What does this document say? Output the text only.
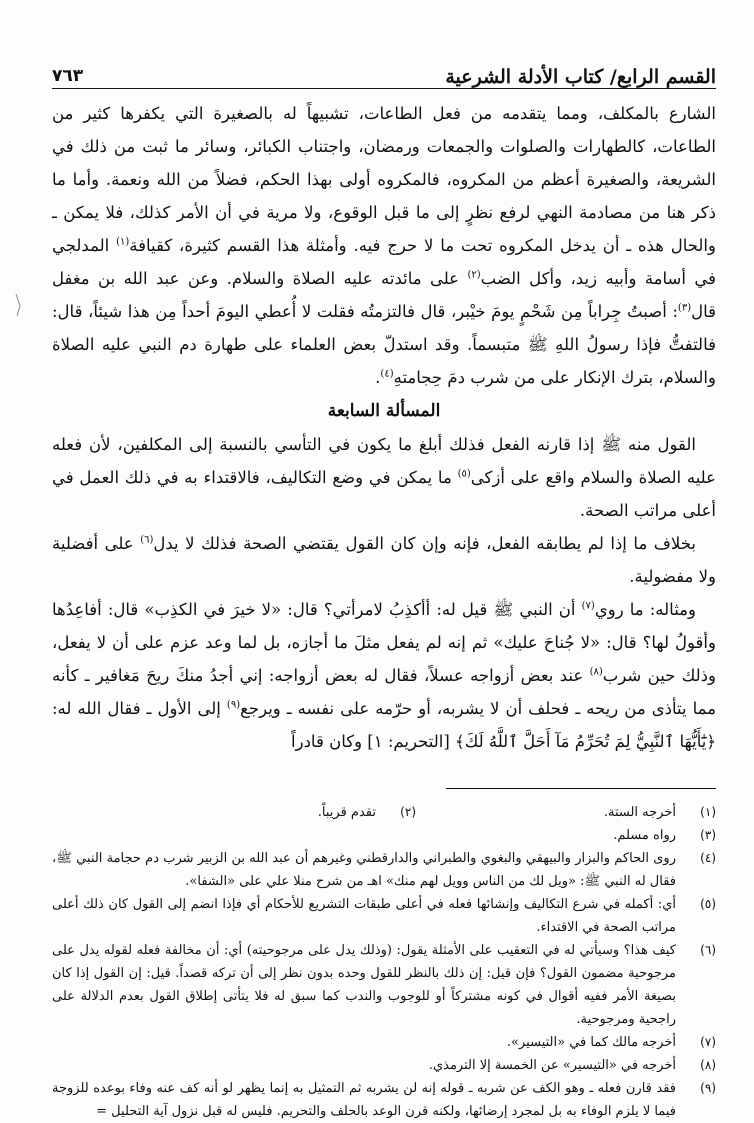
القسم الرابع/ كتاب الأدلة الشرعية
٧٦٣

الشارع بالمكلف، ومما يتقدمه من فعل الطاعات، تشبيهاً له بالصغيرة التي يكفرها كثير من الطاعات، كالطهارات والصلوات والجمعات ورمضان، واجتناب الكبائر، وسائر ما ثبت من ذلك في الشريعة، والصغيرة أعظم من المكروه، فالمكروه أولى بهذا الحكم، فضلاً من الله ونعمة. وأما ما ذكر هنا من مصادمة النهي لرفع نظرٍ إلى ما قبل الوقوع، ولا مرية في أن الأمر كذلك، فلا يمكن ـ والحال هذه ـ أن يدخل المكروه تحت ما لا حرج فيه. وأمثلة هذا القسم كثيرة، كقيافة$^{(١)}$ المدلجي في أسامة وأبيه زيد، وأكل الضب$^{(٢)}$ على مائدته عليه الصلاة والسلام. وعن عبد الله بن مغفل قال$^{(٣)}$: أصبتُ جِراباً مِن شَحْمٍ يومَ خيْبر، قال فالتزمتُه فقلت لا أُعطي اليومَ أحداً مِن هذا شيئاً، قال: فالتفتُّ فإذا رسولُ اللهِ ﷺ متبسماً. وقد استدلّ بعض العلماء على طهارة دم النبي عليه الصلاة والسلام، بترك الإنكار على من شرب دمَ حِجامتهِ$^{(٤)}$.

المسألة السابعة

القول منه ﷺ إذا قارنه الفعل فذلك أبلغ ما يكون في التأسي بالنسبة إلى المكلفين، لأن فعله عليه الصلاة والسلام واقع على أزكى$^{(٥)}$ ما يمكن في وضع التكاليف، فالاقتداء به في ذلك العمل في أعلى مراتب الصحة.

بخلاف ما إذا لم يطابقه الفعل، فإنه وإن كان القول يقتضي الصحة فذلك لا يدل$^{(٦)}$ على أفضلية ولا مفضولية.

ومثاله: ما روي$^{(٧)}$ أن النبي ﷺ قيل له: أأكذِبُ لامرأتي؟ قال: «لا خيرَ في الكذِب» قال: أفاعِدُها وأقولُ لها؟ قال: «لا جُناحَ عليك» ثم إنه لم يفعل مثلَ ما أجازه، بل لما وعد عزم على أن لا يفعل، وذلك حين شرب$^{(٨)}$ عند بعض أزواجه عسلاً، فقال له بعض أزواجه: إني أجدُ منكَ ريحَ مَغافير ـ كأنه مما يتأذى من ريحه ـ فحلف أن لا يشربه، أو حرّمه على نفسه ـ ويرجع$^{(٩)}$ إلى الأول ـ فقال الله له: ﴿يَٰٓأَيُّهَا ٱلنَّبِيُّ لِمَ تُحَرِّمُ مَآ أَحَلَّ ٱللَّهُ لَكَ﴾ [التحريم: ١] وكان قادراً

(١)
أخرجه الستة.
(٢)
تقدم قريباً.
(٣)
رواه مسلم.
(٤)
روى الحاكم والبزار والبيهقي والبغوي والطبراني والدارقطني وغيرهم أن عبد الله بن الزبير شرب دم حجامة النبي ﷺ، فقال له النبي ﷺ: «ويل لك من الناس وويل لهم منك» اهـ من شرح منلا علي على «الشفا».
(٥)
أي: أكمله في شرع التكاليف وإنشائها فعله في أعلى طبقات التشريع للأحكام أي فإذا انضم إلى القول كان ذلك أعلى مراتب الصحة في الاقتداء.
(٦)
كيف هذا؟ وسيأتي له في التعقيب على الأمثلة يقول: (وذلك يدل على مرجوحيته) أي: أن مخالفة فعله لقوله يدل على مرجوحية مضمون القول؟ فإن قيل: إن ذلك بالنظر للقول وحده بدون نظر إلى أن تركه قصداً. قيل: إن القول إذا كان بصيغة الأمر ففيه أقوال في كونه مشتركاً أو للوجوب والندب كما سبق له فلا يتأتى إطلاق القول بعدم الدلالة على راجحية ومرجوحية.
(٧)
أخرجه مالك كما في «التيسير».
(٨)
أخرجه في «التيسير» عن الخمسة إلا الترمذي.
(٩)
فقد قارن فعله ـ وهو الكف عن شربه ـ قوله إنه لن يشربه ثم التمثيل به إنما يظهر لو أنه كف عنه وفاء بوعده للزوجة فيما لا يلزم الوفاء به بل لمجرد إرضائها، ولكنه قرن الوعد بالحلف والتحريم. فليس له قبل نزول آية التحليل =
